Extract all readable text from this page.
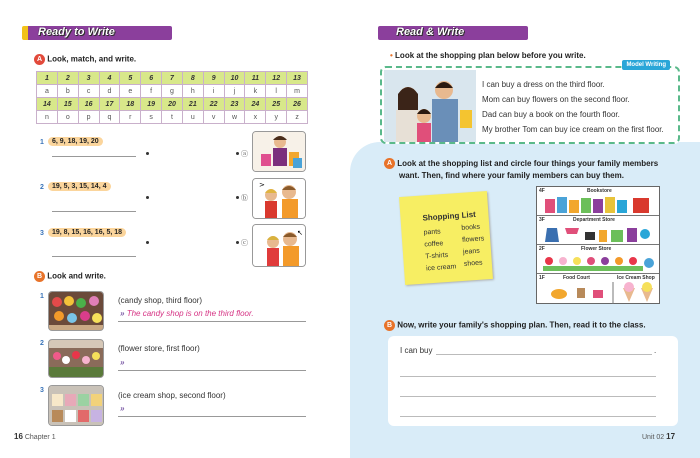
Ready to Write
A Look, match, and write.
1	2	3	4	5	6	7	8	9	10	11	12	13
a	b	c	d	e	f	g	h	i	j	k	l	m
14	15	16	17	18	19	20	21	22	23	24	25	26
n	o	p	q	r	s	t	u	v	w	x	y	z
1	6, 9, 18, 19, 20
ⓐ
2	19, 5, 3, 15, 14, 4
ⓑ
>
3	19, 8, 15, 16, 16, 5, 18
ⓒ
↖
B Look and write.
1	(candy shop, third floor)
» The candy shop is on the third floor.
2
(flower store, first floor)
»
3
(ice cream shop, second floor)
»
16 Chapter 1
Read & Write
• Look at the shopping plan below before you write.
Model Writing
I can buy a dress on the third floor.
Mom can buy flowers on the second floor.
Dad can buy a book on the fourth floor.
My brother Tom can buy ice cream on the first floor.
A Look at the shopping list and circle four things your family members
want. Then, find where your family members can buy them.
Shopping List
pants
coffee
T-shirts
ice cream
books
flowers
jeans
shoes
4F	Bookstore
3F	Department Store
2F	Flower Store
1F	Food Court	Ice Cream Shop
B Now, write your family's shopping plan. Then, read it to the class.
I can buy	.
Unit 02 17
